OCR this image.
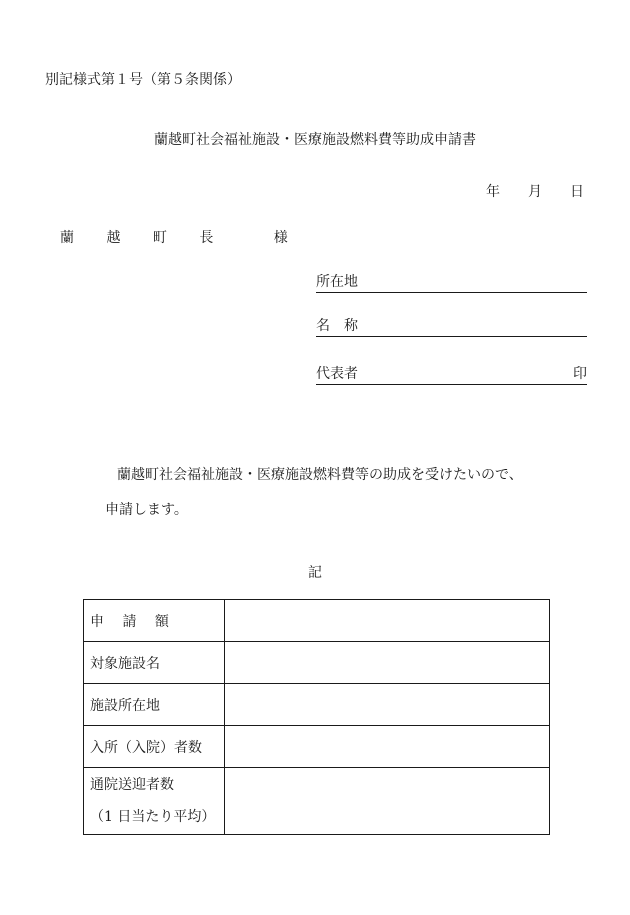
別記様式第１号（第５条関係）
蘭越町社会福祉施設・医療施設燃料費等助成申請書
年 月 日
蘭 越 町 長 　様
所在地
名　称
代表者	印
蘭越町社会福祉施設・医療施設燃料費等の助成を受けたいので、
申請します。
記
申　 請 　額	
対象施設名	
施設所在地	
入所（入院）者数	

通院送迎者数
（1 日当たり平均）	
